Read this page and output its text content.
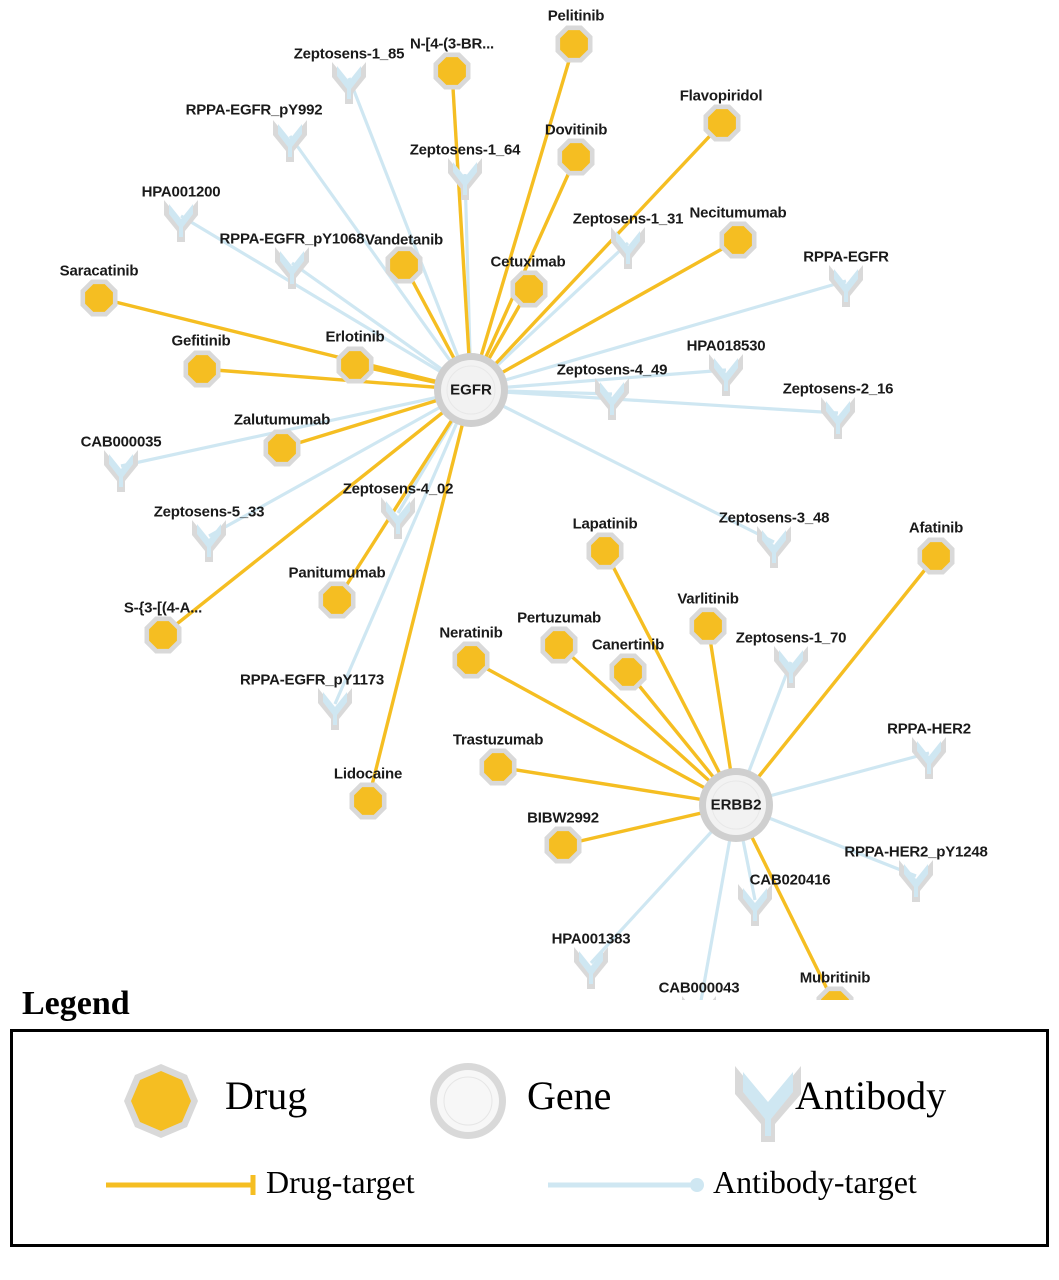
Zeptosens-1_85
RPPA-EGFR_pY992
Zeptosens-1_64
HPA001200
Zeptosens-1_31
RPPA-EGFR_pY1068
RPPA-EGFR
HPA018530
Zeptosens-4_49
Zeptosens-2_16
CAB000035
Zeptosens-4_02
Zeptosens-5_33	Zeptosens-3_48
Zeptosens-1_70
RPPA-EGFR_pY1173
RPPA-HER2
RPPA-HER2_pY1248
CAB020416
HPA001383
CAB000043
Pelitinib
N-[4-(3-BR...
Flavopiridol
Dovitinib
Necitumumab
Vandetanib
Cetuximab
Saracatinib
Gefitinib	Erlotinib
Zalutumumab
Afatinib
Lapatinib
Varlitinib
Panitumumab
S-{3-[(4-A...
Pertuzumab
Neratinib
Canertinib
Trastuzumab
Lidocaine
BIBW2992
Mubritinib
EGFR
ERBB2
Legend
Drug	Gene	Antibody
Drug-target	Antibody-target
